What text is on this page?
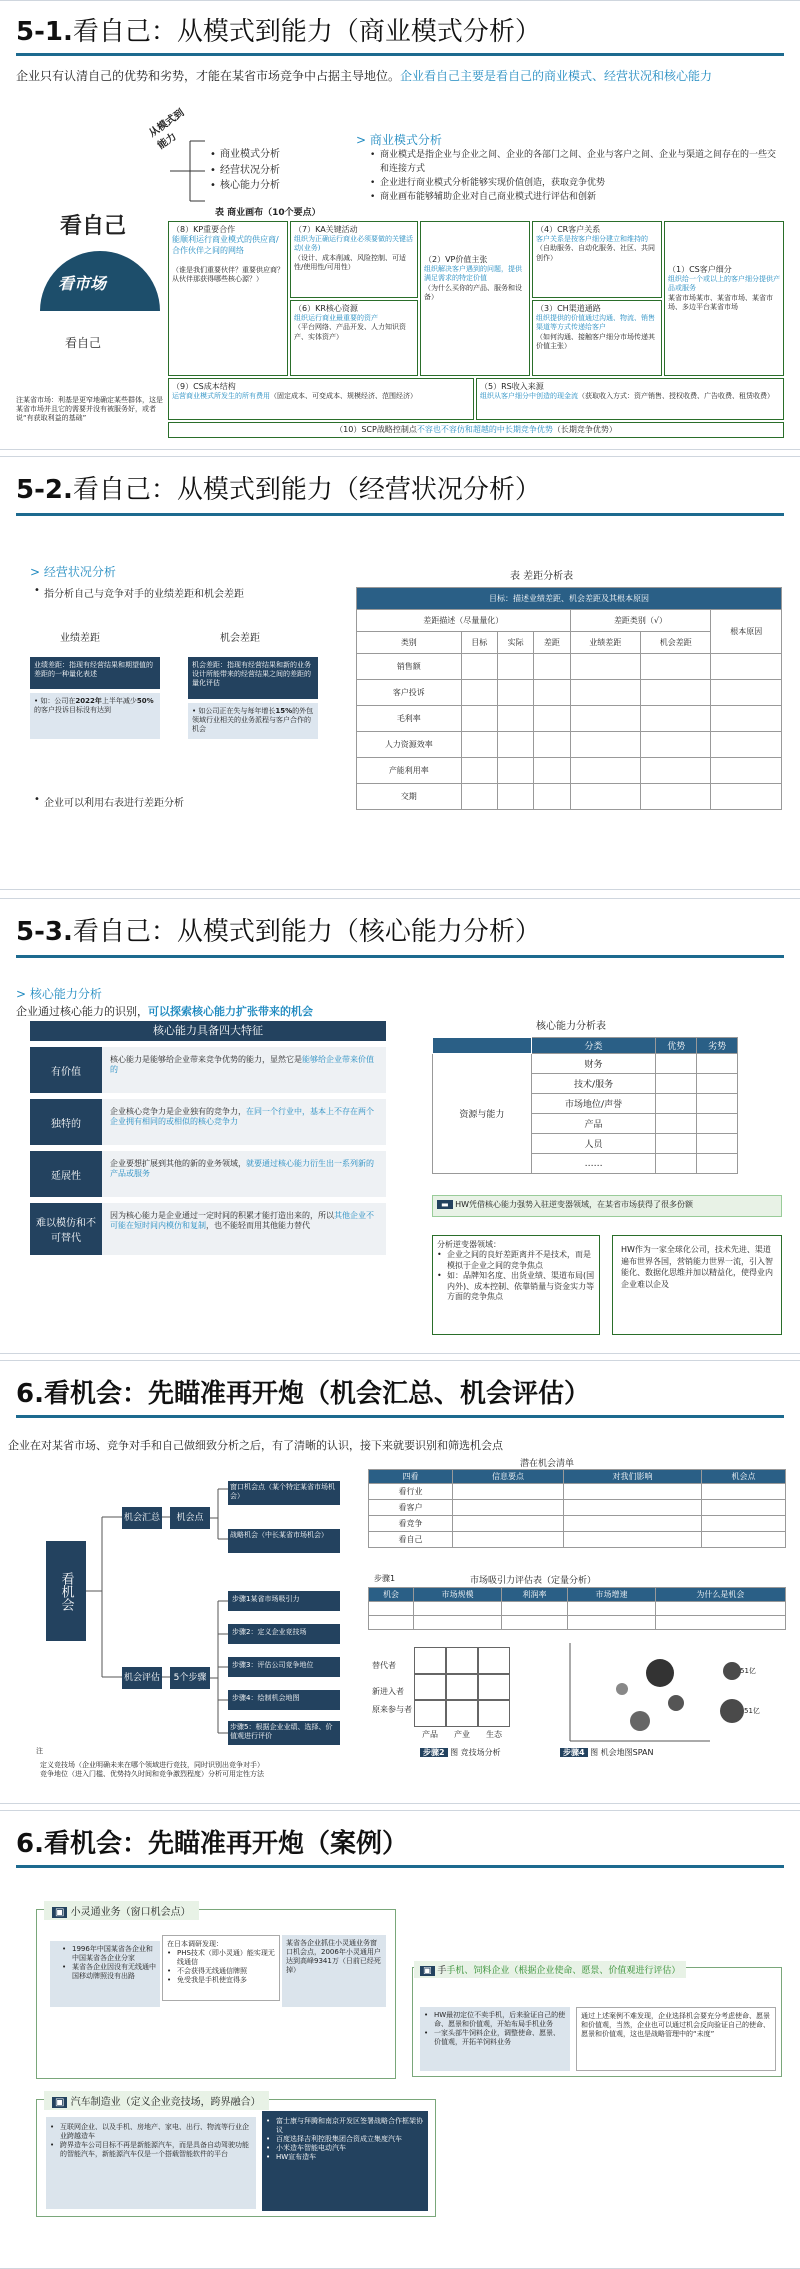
5-1.看自己：从模式到能力（商业模式分析）
企业只有认清自己的优势和劣势，才能在某省市场竞争中占据主导地位。企业看自己主要是看自己的商业模式、经营状况和核心能力
从模式到能力
看自己
看市场
看自己
• 商业模式分析
• 经营状况分析
• 核心能力分析
> 商业模式分析
• 商业模式是指企业与企业之间、企业的各部门之间、企业与客户之间、企业与渠道之间存在的一些交和连接方式
• 企业进行商业模式分析能够实现价值创造，获取竞争优势
• 商业画布能够辅助企业对自己商业模式进行评估和创新
表 商业画布（10个要点）
（8）KP重要合作
能顺利运行商业模式的供应商/合作伙伴之间的网络
（谁是我们重要伙伴？重要供应商？从伙伴那获得哪些核心源？）
（7）KA关键活动
组织为正确运行商业必须要做的关键活动(业务)
（设计、成本削减、风险控制、可适性/使用性/可用性）
（6）KR核心资源
组织运行商业最重要的资产
（平台网络、产品开发、人力知识资产、实体资产）
（2）VP价值主张
组织解决客户遇到的问题，提供满足需求的特定价值
（为什么买你的产品、服务和设备）
（4）CR客户关系
客户关系是按客户细分建立和维持的
（自助服务、自动化服务、社区、共同创作）
（3）CH渠道通路
组织提供的价值通过沟通、物流、销售渠道等方式传递给客户
（如何沟通、接触客户细分市场传递其价值主张）
（1）CS客户细分
组织给一个或以上的客户细分提供产品或服务
某省市场某市、某省市场、某省市场、多边平台某省市场
（9）CS成本结构
运营商业模式所发生的所有费用（固定成本、可变成本、规模经济、范围经济）
（5）RS收入来源
组织从客户细分中创造的现金流（获取收入方式：资产销售、授权收费、广告收费、租赁收费）
（10）SCP战略控制点不容也不容仿和超越的中长期竞争优势（长期竞争优势）
注某省市场：利基是更窄地确定某些群体，这是某省市场并且它的需要并没有被服务好，或者说“有获取利益的基础”
5-2.看自己：从模式到能力（经营状况分析）
> 经营状况分析
• 指分析自己与竞争对手的业绩差距和机会差距
业绩差距	机会差距
业绩差距：指现有经营结果和期望值的差距的一种量化表述
机会差距：指现有经营结果和新的业务设计所能带来的经营结果之间的差距的量化评估
• 如：公司在2022年上半年减少50%的客户投诉目标没有达到	• 如公司正在失与每年增长15%的外包领域行业相关的业务派程与客户合作的机会
• 企业可以利用右表进行差距分析
表 差距分析表
目标：描述业绩差距、机会差距及其根本原因						
差距描述（尽量量化）				差距类别（√）		根本原因
类别	目标	实际	差距	业绩差距	机会差距	
销售额						
客户投诉						
毛利率						
人力资源效率						
产能利用率						
交期						
5-3.看自己：从模式到能力（核心能力分析）
> 核心能力分析
企业通过核心能力的识别，可以探索核心能力扩张带来的机会
核心能力具备四大特征
有价值
核心能力是能够给企业带来竞争优势的能力，显然它是能够给企业带来价值的
独特的
企业核心竞争力是企业独有的竞争力，在同一个行业中，基本上不存在两个企业拥有相同的或相似的核心竞争力
延展性
企业要想扩展到其他的新的业务领域，就要通过核心能力衍生出一系列新的产品或服务
难以模仿和不可替代
因为核心能力是企业通过一定时间的积累才能打造出来的，所以其他企业不可能在短时间内模仿和复制，也不能轻而用其他能力替代
核心能力分析表
	分类	优势	劣势
资源与能力	财务		
	技术/服务		
	市场地位/声誉		
	产品		
	人员		
	……		
▬ HW凭借核心能力强势入驻逆变器领域，在某省市场获得了很多份额
分析逆变器领域：
• 企业之间的良好差距离并不是技术，而是模拟于企业之间的竞争焦点
• 如：品牌知名度、出货业绩、渠道布局(国内外)、成本控制、依靠销量与资金实力等方面的竞争焦点
HW作为一家全球化公司，技术先进、渠道遍布世界各国，营销能力世界一流，引入智能化、数据化思维并加以精益化，使得业内企业难以企及
6.看机会：先瞄准再开炮（机会汇总、机会评估）
企业在对某省市场、竞争对手和自己做细致分析之后，有了清晰的认识，接下来就要识别和筛选机会点
看机会
机会汇总
机会评估
机会点
5个步骤
窗口机会点（某个特定某省市场机会）
战略机会（中长某省市场机会）
步骤1某省市场吸引力
步骤2：定义企业竞技场
步骤3：评估公司竞争地位
步骤4：绘制机会地图
步骤5：根据企业业绩、选择、价值观进行评价
潜在机会清单
四看	信息要点	对我们影响	机会点
看行业			
看客户			
看竞争			
看自己			
步骤1	市场吸引力评估表（定量分析）
机会	市场规模	利润率	市场增速	为什么是机会

替代者
新进入者
原来参与者
产品 产业 生态
步骤2 图 竞技场分析
51亿
51亿
步骤4 图 机会地图SPAN
注
定义竞技场（企业明确未来在哪个领域进行竞技，同时识别出竞争对手）
竞争地位（进入门槛、优势持久时间和竞争激烈程度）分析可用定性方法
6.看机会：先瞄准再开炮（案例）
▣ 小灵通业务（窗口机会点）
• 1996年中国某省各企业和中国某省各企业分家
• 某省各企业因没有无线通中国移动牌照没有出路
在日本调研发现：
• PHS技术（即小灵通）能实现无线通信
• 不会获得无线通信牌照
• 免受我是手机使宜得多
某省各企业抓住小灵通业务窗口机会点，2006年小灵通用户达到高峰9341万（日前已经死掉）	▣ 手手机、饲料企业（根据企业使命、愿景、价值观进行评估）
• HW最初定位不卖手机，后来验证自己的使命、愿景和价值观，开始布局手机业务
• 一家头部牛饲料企业，调整使命、愿景、价值观，开拓羊饲料业务
通过上述案例不难发现，企业选择机会要充分考虑使命、愿景和价值观，当然，企业也可以通过机会反向验证自己的使命、愿景和价值观，这也是战略管理中的“未度”
▣ 汽车制造业（定义企业竞技场，跨界融合）
• 互联网企业、以及手机、房地产、家电、出行、物流等行业企业跨越造车
• 跨界造车公司目标不再是新能源汽车，而是具备自动驾驶功能的智能汽车，新能源汽车仅是一个搭载智能软件的平台
• 富士康与拜腾和南京开发区签署战略合作框架协议
• 百度选择吉利控股集团合资成立集度汽车
• 小米造车智能电动汽车
• HW宣布造车
